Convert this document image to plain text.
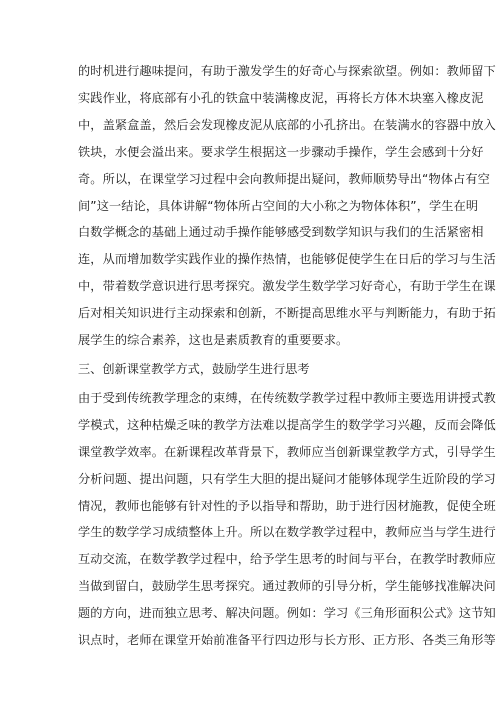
的时机进行趣味提问，有助于激发学生的好奇心与探索欲望。例如：教师留下
实践作业，将底部有小孔的铁盒中装满橡皮泥，再将长方体木块塞入橡皮泥
中，盖紧盒盖，然后会发现橡皮泥从底部的小孔挤出。在装满水的容器中放入
铁块，水便会溢出来。要求学生根据这一步骤动手操作，学生会感到十分好
奇。所以，在课堂学习过程中会向教师提出疑问，教师顺势导出“物体占有空
间”这一结论，具体讲解“物体所占空间的大小称之为物体体积”，学生在明
白数学概念的基础上通过动手操作能够感受到数学知识与我们的生活紧密相
连，从而增加数学实践作业的操作热情，也能够促使学生在日后的学习与生活
中，带着数学意识进行思考探究。激发学生数学学习好奇心，有助于学生在课
后对相关知识进行主动探索和创新，不断提高思维水平与判断能力，有助于拓
展学生的综合素养，这也是素质教育的重要要求。

三、创新课堂教学方式，鼓励学生进行思考

由于受到传统教学理念的束缚，在传统数学教学过程中教师主要选用讲授式教
学模式，这种枯燥乏味的教学方法难以提高学生的数学学习兴趣，反而会降低
课堂教学效率。在新课程改革背景下，教师应当创新课堂教学方式，引导学生
分析问题、提出问题，只有学生大胆的提出疑问才能够体现学生近阶段的学习
情况，教师也能够有针对性的予以指导和帮助，助于进行因材施教，促使全班
学生的数学学习成绩整体上升。所以在数学教学过程中，教师应当与学生进行
互动交流，在数学教学过程中，给予学生思考的时间与平台，在教学时教师应
当做到留白，鼓励学生思考探究。通过教师的引导分析，学生能够找准解决问
题的方向，进而独立思考、解决问题。例如：学习《三角形面积公式》这节知
识点时，老师在课堂开始前准备平行四边形与长方形、正方形、各类三角形等
